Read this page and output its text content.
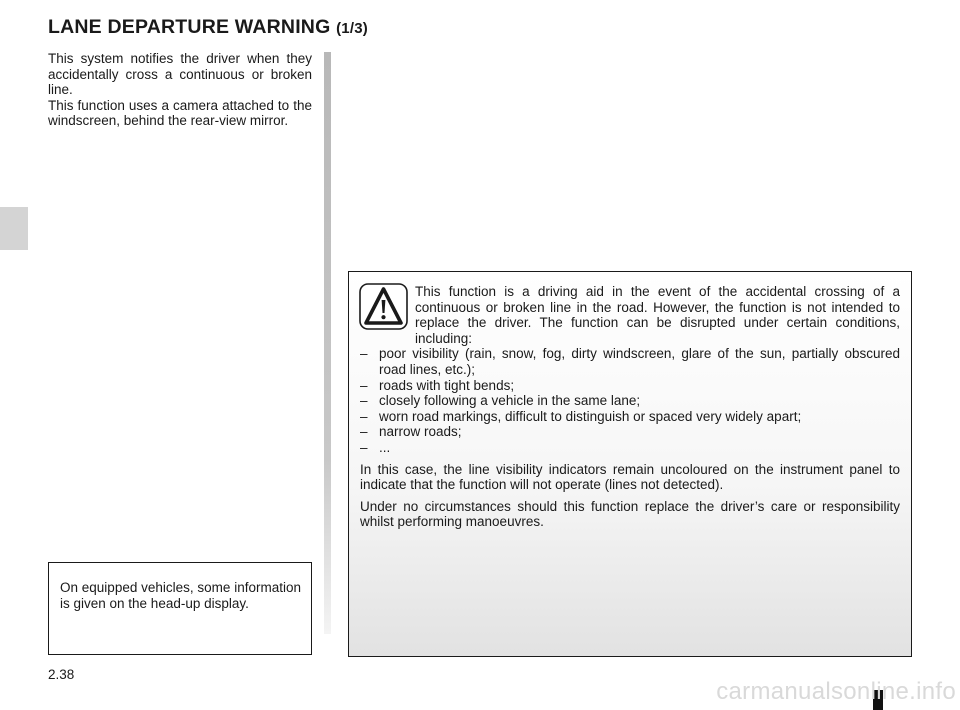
LANE DEPARTURE WARNING (1/3)

This system notifies the driver when they accidentally cross a continuous or broken line.

This function uses a camera attached to the windscreen, behind the rear-view mirror.

On equipped vehicles, some information is given on the head-up display.

This function is a driving aid in the event of the accidental crossing of a continuous or broken line in the road. However, the function is not intended to replace the driver. The function can be disrupted under certain conditions, including:

– poor visibility (rain, snow, fog, dirty windscreen, glare of the sun, partially obscured road lines, etc.);
– roads with tight bends;
– closely following a vehicle in the same lane;
– worn road markings, difficult to distinguish or spaced very widely apart;
– narrow roads;
– ...

In this case, the line visibility indicators remain uncoloured on the instrument panel to indicate that the function will not operate (lines not detected).

Under no circumstances should this function replace the driver’s care or responsibility whilst performing manoeuvres.

2.38
carmanualsonline.info
